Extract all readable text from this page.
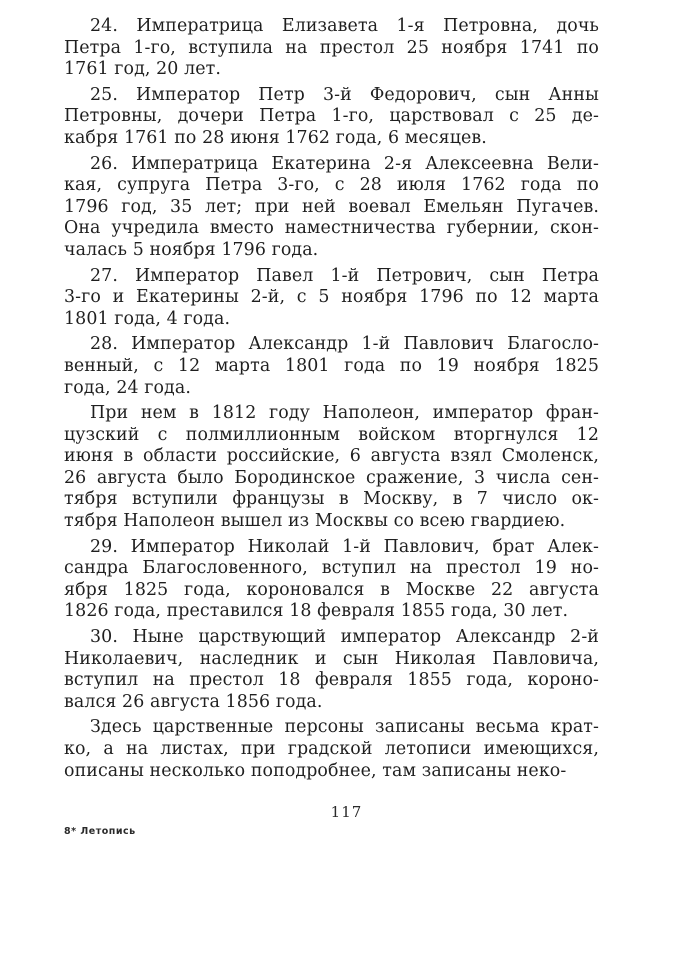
24. Императрица Елизавета 1-я Петровна, дочь
Петра 1-го, вступила на престол 25 ноября 1741 по
1761 год, 20 лет.
25. Император Петр 3-й Федорович, сын Анны
Петровны, дочери Петра 1-го, царствовал с 25 де-
кабря 1761 по 28 июня 1762 года, 6 месяцев.
26. Императрица Екатерина 2-я Алексеевна Вели-
кая, супруга Петра 3-го, с 28 июля 1762 года по
1796 год, 35 лет; при ней воевал Емельян Пугачев.
Она учредила вместо наместничества губернии, скон-
чалась 5 ноября 1796 года.
27. Император Павел 1-й Петрович, сын Петра
3-го и Екатерины 2-й, с 5 ноября 1796 по 12 марта
1801 года, 4 года.
28. Император Александр 1-й Павлович Благосло-
венный, с 12 марта 1801 года по 19 ноября 1825
года, 24 года.
При нем в 1812 году Наполеон, император фран-
цузский с полмиллионным войском вторгнулся 12
июня в области российские, 6 августа взял Смоленск,
26 августа было Бородинское сражение, 3 числа сен-
тября вступили французы в Москву, в 7 число ок-
тября Наполеон вышел из Москвы со всею гвардиею.
29. Император Николай 1-й Павлович, брат Алек-
сандра Благословенного, вступил на престол 19 но-
ября 1825 года, короновался в Москве 22 августа
1826 года, преставился 18 февраля 1855 года, 30 лет.
30. Ныне царствующий император Александр 2-й
Николаевич, наследник и сын Николая Павловича,
вступил на престол 18 февраля 1855 года, короно-
вался 26 августа 1856 года.
Здесь царственные персоны записаны весьма крат-
ко, а на листах, при градской летописи имеющихся,
описаны несколько поподробнее, там записаны неко-
117
8* Летопись
